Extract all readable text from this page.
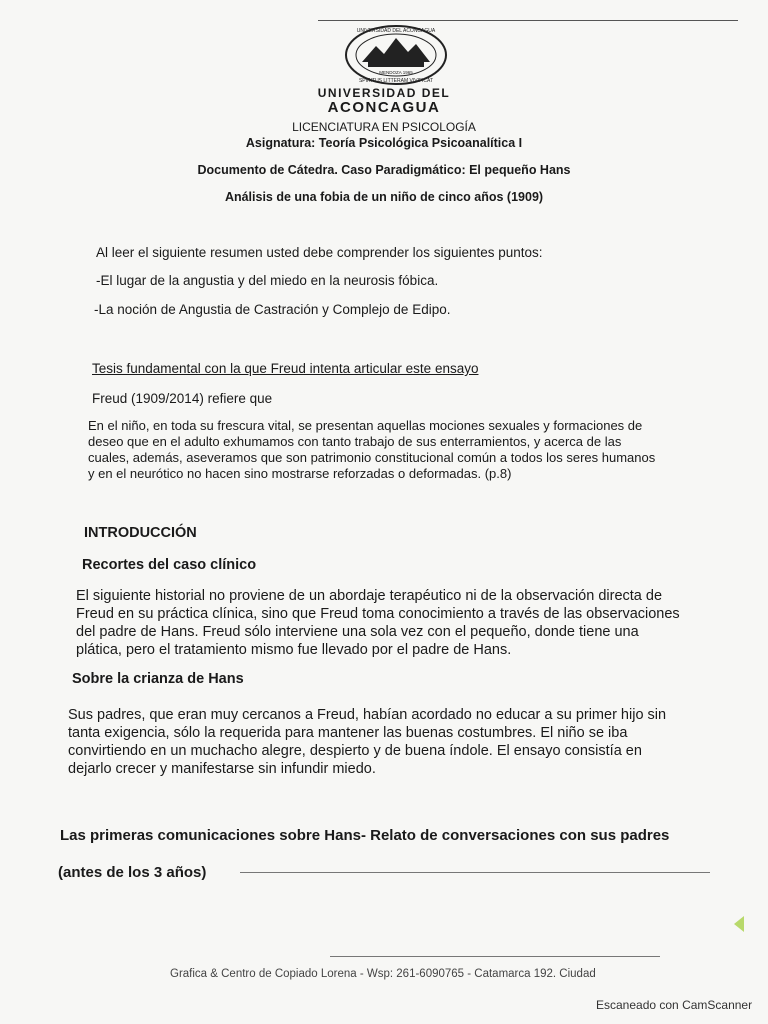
UNIVERSIDAD DEL ACONCAGUA
SPIRITUS LITTERAM VIVIFICAT
MENDOZA 1965
UNIVERSIDAD DEL
ACONCAGUA
LICENCIATURA EN PSICOLOGÍA
Asignatura: Teoría Psicológica Psicoanalítica I
Documento de Cátedra. Caso Paradigmático: El pequeño Hans
Análisis de una fobia de un niño de cinco años (1909)
Al leer el siguiente resumen usted debe comprender los siguientes puntos:
-El lugar de la angustia y del miedo en la neurosis fóbica.
-La noción de Angustia de Castración y Complejo de Edipo.
Tesis fundamental con la que Freud intenta articular este ensayo
Freud (1909/2014) refiere que
En el niño, en toda su frescura vital, se presentan aquellas mociones sexuales y formaciones de
deseo que en el adulto exhumamos con tanto trabajo de sus enterramientos, y acerca de las
cuales, además, aseveramos que son patrimonio constitucional común a todos los seres humanos
y en el neurótico no hacen sino mostrarse reforzadas o deformadas. (p.8)
INTRODUCCIÓN
Recortes del caso clínico
El siguiente historial no proviene de un abordaje terapéutico ni de la observación directa de
Freud en su práctica clínica, sino que Freud toma conocimiento a través de las observaciones
del padre de Hans. Freud sólo interviene una sola vez con el pequeño, donde tiene una
plática, pero el tratamiento mismo fue llevado por el padre de Hans.
Sobre la crianza de Hans
Sus padres, que eran muy cercanos a Freud, habían acordado no educar a su primer hijo sin
tanta exigencia, sólo la requerida para mantener las buenas costumbres. El niño se iba
convirtiendo en un muchacho alegre, despierto y de buena índole. El ensayo consistía en
dejarlo crecer y manifestarse sin infundir miedo.
Las primeras comunicaciones sobre Hans- Relato de conversaciones con sus padres
(antes de los 3 años)
Grafica & Centro de Copiado Lorena - Wsp: 261-6090765 - Catamarca 192. Ciudad
Escaneado con CamScanner
